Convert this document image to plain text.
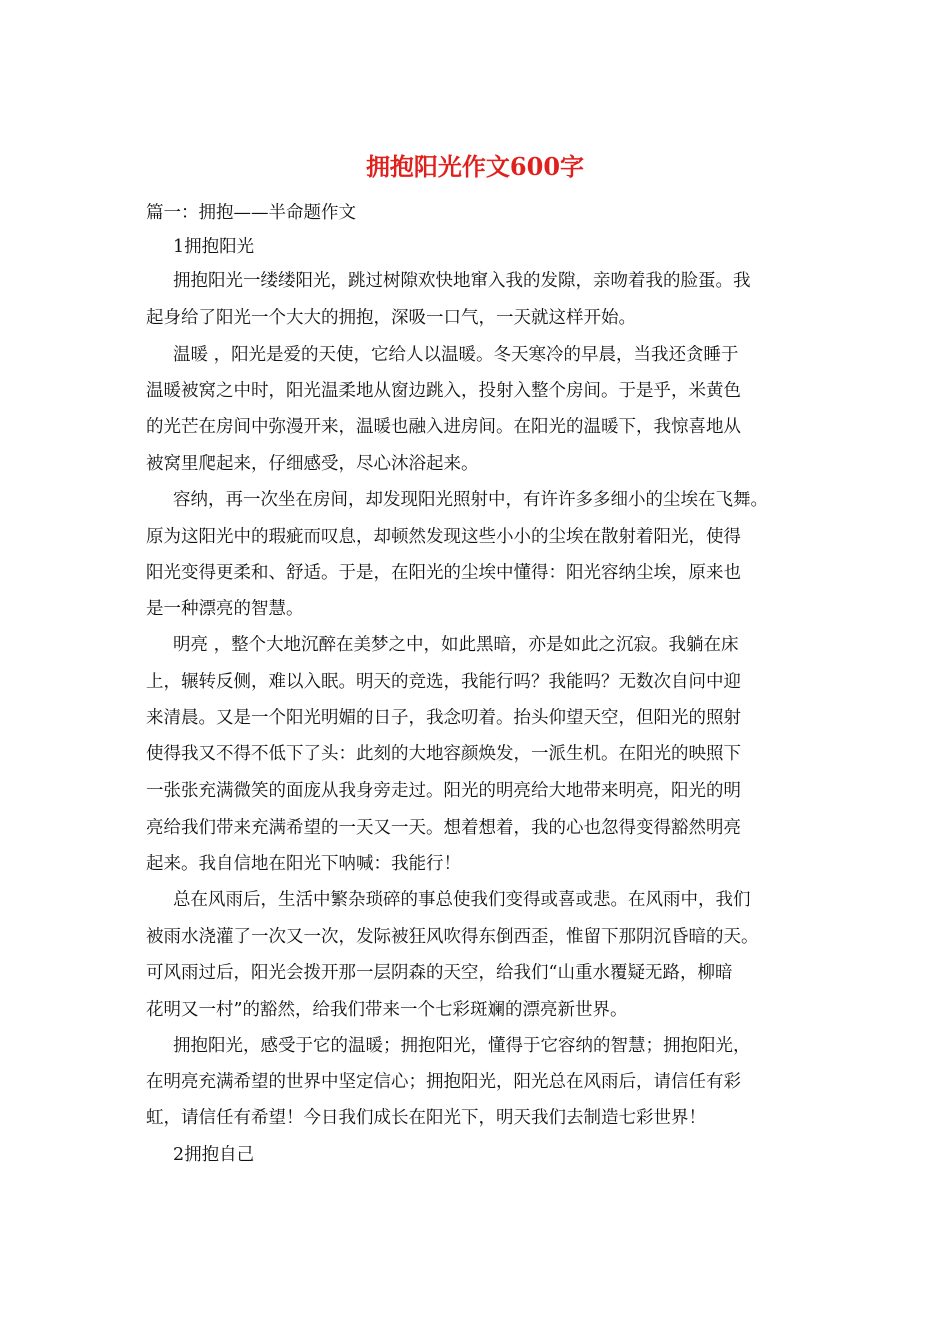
拥抱阳光作文600字

篇一：拥抱——半命题作文

1拥抱阳光

拥抱阳光一缕缕阳光，跳过树隙欢快地窜入我的发隙，亲吻着我的脸蛋。我

起身给了阳光一个大大的拥抱，深吸一口气，一天就这样开始。

温暖 ，阳光是爱的天使，它给人以温暖。冬天寒冷的早晨，当我还贪睡于

温暖被窝之中时，阳光温柔地从窗边跳入，投射入整个房间。于是乎，米黄色

的光芒在房间中弥漫开来，温暖也融入进房间。在阳光的温暖下，我惊喜地从

被窝里爬起来，仔细感受，尽心沐浴起来。

容纳，再一次坐在房间，却发现阳光照射中，有许许多多细小的尘埃在飞舞。

原为这阳光中的瑕疵而叹息，却顿然发现这些小小的尘埃在散射着阳光，使得

阳光变得更柔和、舒适。于是，在阳光的尘埃中懂得：阳光容纳尘埃，原来也

是一种漂亮的智慧。

明亮 ，整个大地沉醉在美梦之中，如此黑暗，亦是如此之沉寂。我躺在床

上，辗转反侧，难以入眠。明天的竞选，我能行吗？我能吗？无数次自问中迎

来清晨。又是一个阳光明媚的日子，我念叨着。抬头仰望天空，但阳光的照射

使得我又不得不低下了头：此刻的大地容颜焕发，一派生机。在阳光的映照下

一张张充满微笑的面庞从我身旁走过。阳光的明亮给大地带来明亮，阳光的明

亮给我们带来充满希望的一天又一天。想着想着，我的心也忽得变得豁然明亮

起来。我自信地在阳光下呐喊：我能行！

总在风雨后，生活中繁杂琐碎的事总使我们变得或喜或悲。在风雨中，我们

被雨水浇灌了一次又一次，发际被狂风吹得东倒西歪，惟留下那阴沉昏暗的天。

可风雨过后，阳光会拨开那一层阴森的天空，给我们“山重水覆疑无路，柳暗

花明又一村”的豁然，给我们带来一个七彩斑斓的漂亮新世界。

拥抱阳光，感受于它的温暖；拥抱阳光，懂得于它容纳的智慧；拥抱阳光，

在明亮充满希望的世界中坚定信心；拥抱阳光，阳光总在风雨后，请信任有彩

虹，请信任有希望！今日我们成长在阳光下，明天我们去制造七彩世界！

2拥抱自己
